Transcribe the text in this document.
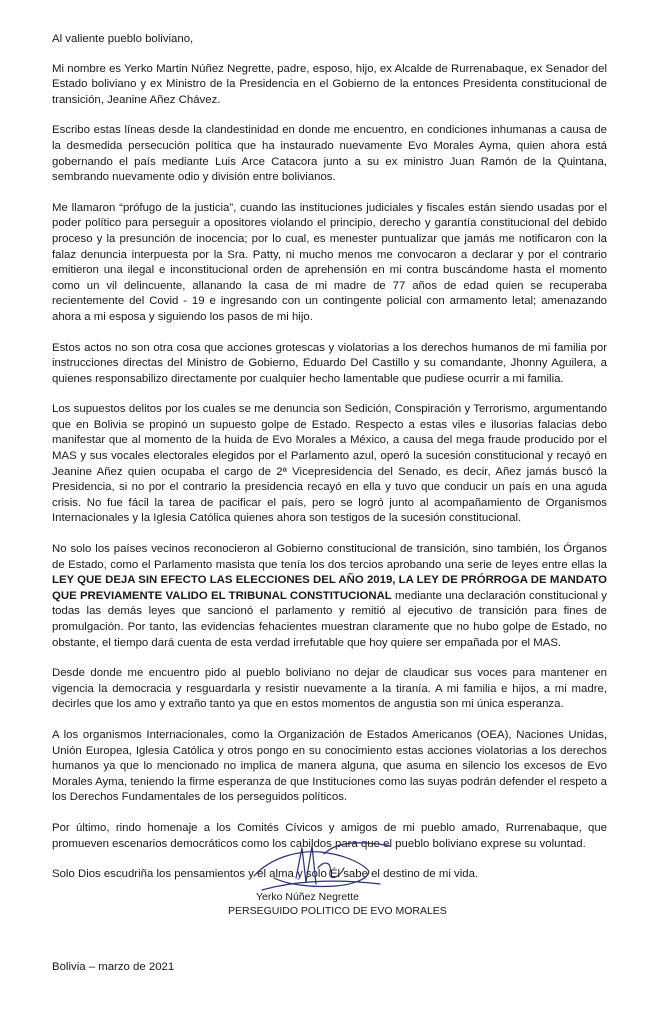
Al valiente pueblo boliviano,

Mi nombre es Yerko Martin Núñez Negrette, padre, esposo, hijo, ex Alcalde de Rurrenabaque, ex Senador del Estado boliviano y ex Ministro de la Presidencia en el Gobierno de la entonces Presidenta constitucional de transición, Jeanine Añez Chávez.

Escribo estas líneas desde la clandestinidad en donde me encuentro, en condiciones inhumanas a causa de la desmedida persecución política que ha instaurado nuevamente Evo Morales Ayma, quien ahora está gobernando el país mediante Luis Arce Catacora junto a su ex ministro Juan Ramón de la Quintana, sembrando nuevamente odio y división entre bolivianos.

Me llamaron “prófugo de la justicia”, cuando las instituciones judiciales y fiscales están siendo usadas por el poder político para perseguir a opositores violando el principio, derecho y garantía constitucional del debido proceso y la presunción de inocencia; por lo cual, es menester puntualizar que jamás me notificaron con la falaz denuncia interpuesta por la Sra. Patty, ni mucho menos me convocaron a declarar y por el contrario emitieron una ilegal e inconstitucional orden de aprehensión en mi contra buscándome hasta el momento como un vil delincuente, allanando la casa de mi madre de 77 años de edad quien se recuperaba recientemente del Covid - 19 e ingresando con un contingente policial con armamento letal; amenazando ahora a mi esposa y siguiendo los pasos de mi hijo.

Estos actos no son otra cosa que acciones grotescas y violatorias a los derechos humanos de mi familia por instrucciones directas del Ministro de Gobierno, Eduardo Del Castillo y su comandante, Jhonny Aguilera, a quienes responsabilizo directamente por cualquier hecho lamentable que pudiese ocurrir a mi familia.

Los supuestos delitos por los cuales se me denuncia son Sedición, Conspiración y Terrorismo, argumentando que en Bolivia se propinó un supuesto golpe de Estado. Respecto a estas viles e ilusorias falacias debo manifestar que al momento de la huida de Evo Morales a México, a causa del mega fraude producido por el MAS y sus vocales electorales elegidos por el Parlamento azul, operó la sucesión constitucional y recayó en Jeanine Añez quien ocupaba el cargo de 2ª Vicepresidencia del Senado, es decir, Añez jamás buscó la Presidencia, si no por el contrario la presidencia recayó en ella y tuvo que conducir un país en una aguda crisis. No fue fácil la tarea de pacificar el país, pero se logró junto al acompañamiento de Organismos Internacionales y la Iglesia Católica quienes ahora son testigos de la sucesión constitucional.

No solo los países vecinos reconocieron al Gobierno constitucional de transición, sino también, los Órganos de Estado, como el Parlamento masista que tenía los dos tercios aprobando una serie de leyes entre ellas la LEY QUE DEJA SIN EFECTO LAS ELECCIONES DEL AÑO 2019, LA LEY DE PRÓRROGA DE MANDATO QUE PREVIAMENTE VALIDO EL TRIBUNAL CONSTITUCIONAL mediante una declaración constitucional y todas las demás leyes que sancionó el parlamento y remitió al ejecutivo de transición para fines de promulgación. Por tanto, las evidencias fehacientes muestran claramente que no hubo golpe de Estado, no obstante, el tiempo dará cuenta de esta verdad irrefutable que hoy quiere ser empañada por el MAS.

Desde donde me encuentro pido al pueblo boliviano no dejar de claudicar sus voces para mantener en vigencia la democracia y resguardarla y resistir nuevamente a la tiranía. A mi familia e hijos, a mi madre, decirles que los amo y extraño tanto ya que en estos momentos de angustia son mi única esperanza.

A los organismos Internacionales, como la Organización de Estados Americanos (OEA), Naciones Unidas, Unión Europea, Iglesia Católica y otros pongo en su conocimiento estas acciones violatorias a los derechos humanos ya que lo mencionado no implica de manera alguna, que asuma en silencio los excesos de Evo Morales Ayma, teniendo la firme esperanza de que Instituciones como las suyas podrán defender el respeto a los Derechos Fundamentales de los perseguidos políticos.

Por último, rindo homenaje a los Comités Cívicos y amigos de mi pueblo amado, Rurrenabaque, que promueven escenarios democráticos como los cabildos para que el pueblo boliviano exprese su voluntad.

Solo Dios escudriña los pensamientos y el alma y solo Él sabe el destino de mi vida.

Yerko Núñez Negrette
PERSEGUIDO POLITICO DE EVO MORALES
Bolivia – marzo de 2021
